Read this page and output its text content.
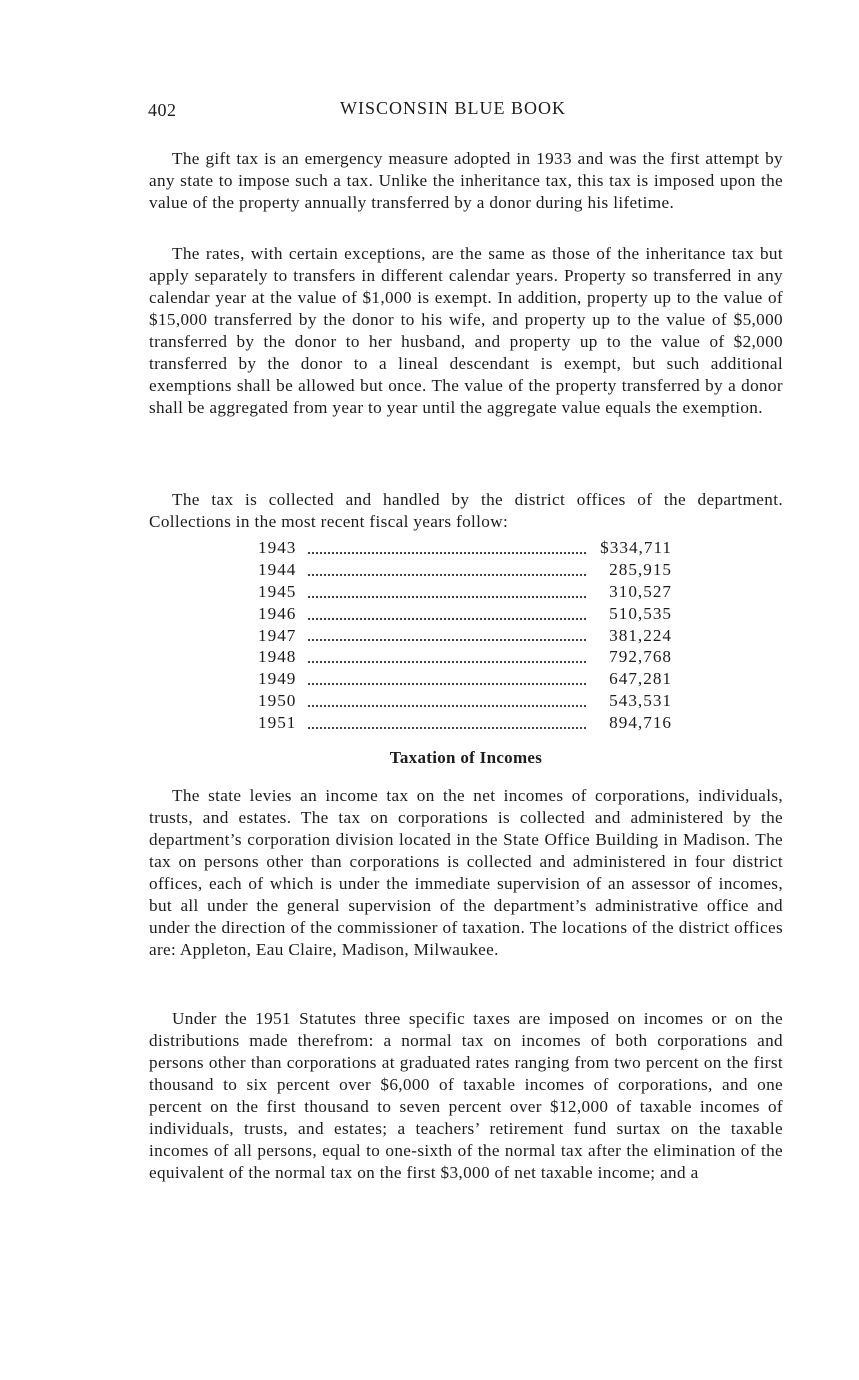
402	WISCONSIN BLUE BOOK

The gift tax is an emergency measure adopted in 1933 and was the first attempt by any state to impose such a tax. Unlike the inheritance tax, this tax is imposed upon the value of the property annually transferred by a donor during his lifetime.

The rates, with certain exceptions, are the same as those of the inheritance tax but apply separately to transfers in different calendar years. Property so transferred in any calendar year at the value of $1,000 is exempt. In addition, property up to the value of $15,000 transferred by the donor to his wife, and property up to the value of $5,000 transferred by the donor to her husband, and property up to the value of $2,000 transferred by the donor to a lineal descendant is exempt, but such additional exemptions shall be allowed but once. The value of the property transferred by a donor shall be aggregated from year to year until the aggregate value equals the exemption.

The tax is collected and handled by the district offices of the department. Collections in the most recent fiscal years follow:

1943	$334,711
1944	285,915
1945	310,527
1946	510,535
1947	381,224
1948	792,768
1949	647,281
1950	543,531
1951	894,716
Taxation of Incomes

The state levies an income tax on the net incomes of corporations, individuals, trusts, and estates. The tax on corporations is collected and administered by the department’s corporation division located in the State Office Building in Madison. The tax on persons other than corporations is collected and administered in four district offices, each of which is under the immediate supervision of an assessor of incomes, but all under the general supervision of the department’s administrative office and under the direction of the commissioner of taxation. The locations of the district offices are: Appleton, Eau Claire, Madison, Milwaukee.

Under the 1951 Statutes three specific taxes are imposed on incomes or on the distributions made therefrom: a normal tax on incomes of both corporations and persons other than corporations at graduated rates ranging from two percent on the first thousand to six percent over $6,000 of taxable incomes of corporations, and one percent on the first thousand to seven percent over $12,000 of taxable incomes of individuals, trusts, and estates; a teachers’ retirement fund surtax on the taxable incomes of all persons, equal to one-sixth of the normal tax after the elimination of the equivalent of the normal tax on the first $3,000 of net taxable income; and a
